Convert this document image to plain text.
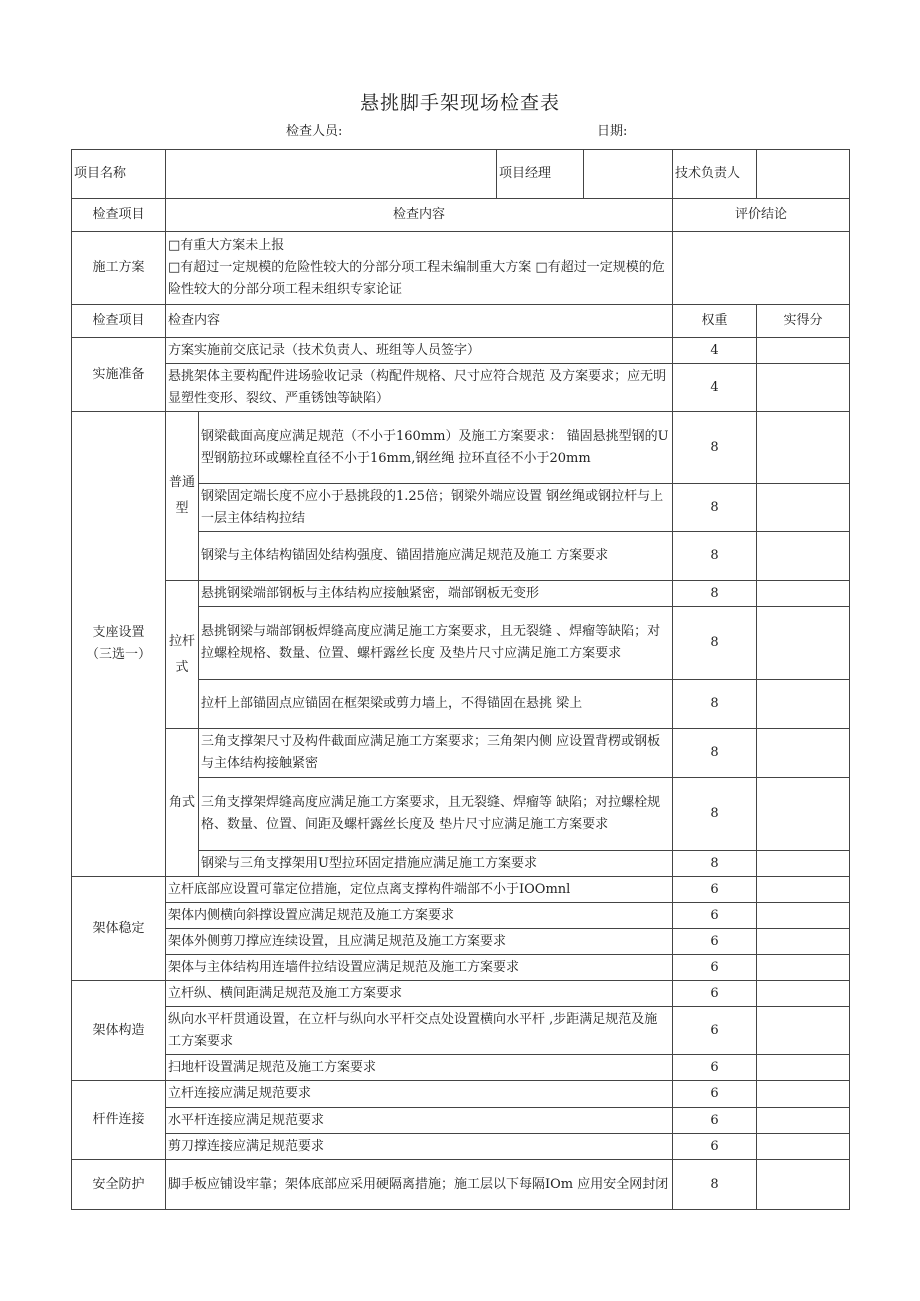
悬挑脚手架现场检查表
检查人员:	日期:
项目名称			项目经理		技术负责人	
检查项目	检查内容				评价结论	
施工方案	□有重大方案未上报
□有超过一定规模的危险性较大的分部分项工程未编制重大方案 □有超过一定规模的危险性较大的分部分项工程未组织专家论证					

检查项目	检查内容				权重	实得分
实施准备	方案实施前交底记录（技术负责人、班组等人员签字）				4	
	悬挑架体主要构配件进场验收记录（构配件规格、尺寸应符合规范 及方案要求；应无明显塑性变形、裂纹、严重锈蚀等缺陷）				4	

支座设置
（三选一）	普通型	钢梁截面高度应满足规范（不小于160mm）及施工方案要求： 锚固悬挑型钢的U型钢筋拉环或螺栓直径不小于16mm,钢丝绳 拉环直径不小于20mm			8	
		钢梁固定端长度不应小于悬挑段的1.25倍；钢梁外端应设置 钢丝绳或钢拉杆与上一层主体结构拉结			8	
		钢梁与主体结构锚固处结构强度、锚固措施应满足规范及施工 方案要求			8	
	拉杆式	悬挑钢梁端部钢板与主体结构应接触紧密，端部钢板无变形			8	
		悬挑钢梁与端部钢板焊缝高度应满足施工方案要求，且无裂缝 、焊瘤等缺陷；对拉螺栓规格、数量、位置、螺杆露丝长度 及垫片尺寸应满足施工方案要求			8	
		拉杆上部锚固点应锚固在框架梁或剪力墙上，不得锚固在悬挑 梁上			8	
	角式	三角支撑架尺寸及构件截面应满足施工方案要求；三角架内侧 应设置背楞或钢板与主体结构接触紧密			8	
		三角支撑架焊缝高度应满足施工方案要求，且无裂缝、焊瘤等 缺陷；对拉螺栓规格、数量、位置、间距及螺杆露丝长度及 垫片尺寸应满足施工方案要求			8	
		钢梁与三角支撑架用U型拉环固定措施应满足施工方案要求			8	
架体稳定	立杆底部应设置可靠定位措施，定位点离支撑构件端部不小于IOOmnl				6	
	架体内侧横向斜撑设置应满足规范及施工方案要求				6	
	架体外侧剪刀撑应连续设置，且应满足规范及施工方案要求				6	
	架体与主体结构用连墙件拉结设置应满足规范及施工方案要求				6	
架体构造	立杆纵、横间距满足规范及施工方案要求				6	
	纵向水平杆贯通设置，在立杆与纵向水平杆交点处设置横向水平杆 ,步距满足规范及施工方案要求				6	
	扫地杆设置满足规范及施工方案要求				6	
杆件连接	立杆连接应满足规范要求				6	
	水平杆连接应满足规范要求				6	
	剪刀撑连接应满足规范要求				6	
安全防护	脚手板应铺设牢靠；架体底部应采用硬隔离措施；施工层以下每隔IOm 应用安全网封闭				8	
